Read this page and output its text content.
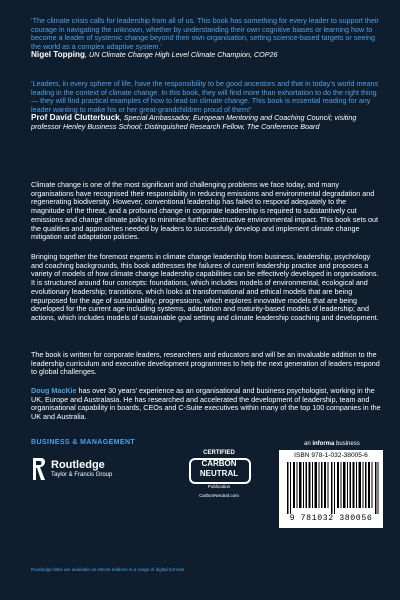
‘The climate crisis calls for leadership from all of us. This book has something for every leader to support their courage in navigating the unknown, whether by understanding their own cognitive biases or learning how to become a leader of systemic change beyond their own organisation, setting science-based targets or seeing the world as a complex adaptive system.’
Nigel Topping, UN Climate Change High Level Climate Champion, COP26
‘Leaders, in every sphere of life, have the responsibility to be good ancestors and that in today’s world means leading in the context of climate change. In this book, they will find more than exhortation to do the right thing — they will find practical examples of how to lead on climate change. This book is essential reading for any leader wanting to make his or her great-grandchildren proud of them!’
Prof David Clutterbuck, Special Ambassador, European Mentoring and Coaching Council; visiting professor Henley Business School; Distinguished Research Fellow, The Conference Board
Climate change is one of the most significant and challenging problems we face today, and many organisations have recognised their responsibility in reducing emissions and environmental degradation and regenerating biodiversity. However, conventional leadership has failed to respond adequately to the magnitude of the threat, and a profound change in corporate leadership is required to substantively cut emissions and change climate policy to minimise further destructive environmental impact. This book sets out the qualities and approaches needed by leaders to successfully develop and implement climate change mitigation and adaptation policies.
Bringing together the foremost experts in climate change leadership from business, leadership, psychology and coaching backgrounds, this book addresses the failures of current leadership practice and proposes a variety of models of how climate change leadership capabilities can be effectively developed in organisations. It is structured around four concepts: foundations, which includes models of environmental, ecological and evolutionary leadership; transitions, which looks at transformational and ethical models that are being repurposed for the age of sustainability; progressions, which explores innovative models that are being developed for the current age including systems, adaptation and maturity-based models of leadership; and actions, which includes models of sustainable goal setting and climate leadership coaching and development.
The book is written for corporate leaders, researchers and educators and will be an invaluable addition to the leadership curriculum and executive development programmes to help the next generation of leaders respond to global challenges.
Doug MacKie has over 30 years’ experience as an organisational and business psychologist, working in the UK, Europe and Australasia. He has researched and accelerated the development of leadership, team and organisational capability in boards, CEOs and C-Suite executives within many of the top 100 companies in the UK and Australia.
BUSINESS & MANAGEMENT
Routledge
Taylor & Francis Group
CERTIFIED
CARBON
NEUTRAL
Publication
CarbonNeutral.com
an informa business
ISBN 978-1-032-38005-6
9 781032 380056
Routledge titles are available as eBook editions in a range of digital formats
